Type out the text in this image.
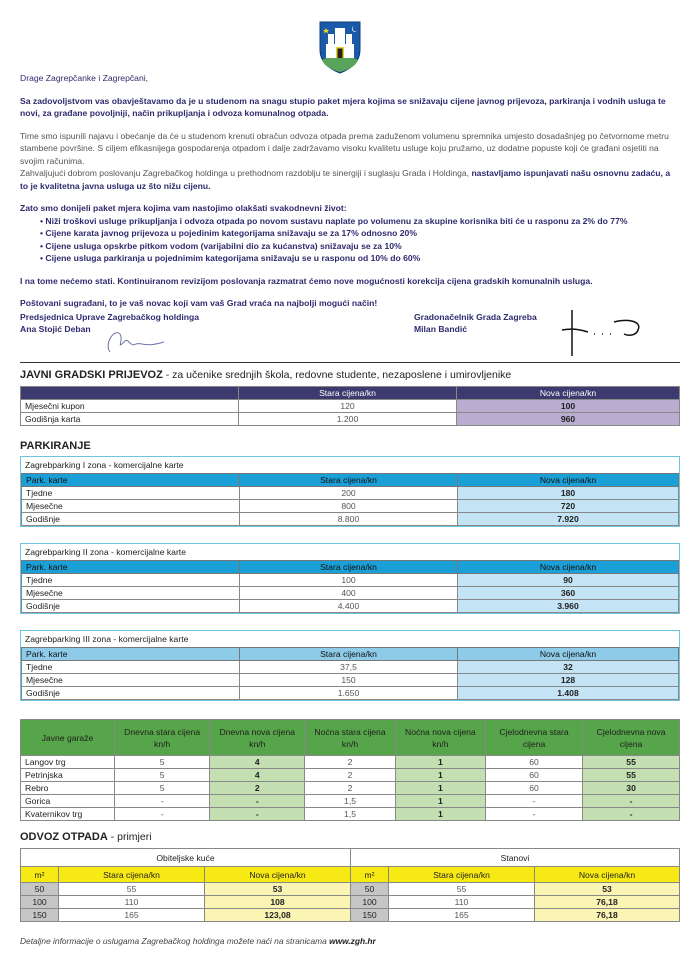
Drage Zagrepčanke i Zagrepčani,

Sa zadovoljstvom vas obavještavamo da je u studenom na snagu stupio paket mjera kojima se snižavaju cijene javnog prijevoza, parkiranja i vodnih usluga te novi, za građane povoljniji, način prikupljanja i odvoza komunalnog otpada.

Time smo ispunili najavu i obećanje da će u studenom krenuti obračun odvoza otpada prema zaduženom volumenu spremnika umjesto dosadašnjeg po četvornome metru stambene površine. S ciljem efikasnijega gospodarenja otpadom i dalje zadržavamo visoku kvalitetu usluge koju pružamo, uz dodatne popuste koji će građani osjetiti na svojim računima.

Zahvaljujući dobrom poslovanju Zagrebačkog holdinga u prethodnom razdoblju te sinergiji i suglasju Grada i Holdinga, nastavljamo ispunjavati našu osnovnu zadaću, a to je kvalitetna javna usluga uz što nižu cijenu.

Zato smo donijeli paket mjera kojima vam nastojimo olakšati svakodnevni život:

• Niži troškovi usluge prikupljanja i odvoza otpada po novom sustavu naplate po volumenu za skupine korisnika biti će u rasponu za 2% do 77%
• Cijene karata javnog prijevoza u pojedinim kategorijama snižavaju se za 17% odnosno 20%
• Cijene usluga opskrbe pitkom vodom (varijabilni dio za kućanstva) snižavaju se za 10%
• Cijene usluga parkiranja u pojednimim kategorijama snižavaju se u rasponu od 10% do 60%

I na tome nećemo stati. Kontinuiranom revizijom poslovanja razmatrat ćemo nove mogućnosti korekcija cijena gradskih komunalnih usluga.

Poštovani sugrađani, to je vaš novac koji vam vaš Grad vraća na najbolji mogući način!

Predsjednica Uprave Zagrebačkog holdinga
Ana Stojić Deban
Gradonačelnik Grada Zagreba
Milan Bandić
JAVNI GRADSKI PRIJEVOZ - za učenike srednjih škola, redovne studente, nezaposlene i umirovljenike
	Stara cijena/kn	Nova cijena/kn
Mjesečni kupon	120	100
Godišnja karta	1.200	960
PARKIRANJE
Zagrebparking I zona - komercijalne karte
Park. karte	Stara cijena/kn	Nova cijena/kn
Tjedne	200	180
Mjesečne	800	720
Godišnje	8.800	7.920
Zagrebparking II zona - komercijalne karte
Park. karte	Stara cijena/kn	Nova cijena/kn
Tjedne	100	90
Mjesečne	400	360
Godišnje	4.400	3.960
Zagrebparking III zona - komercijalne karte
Park. karte	Stara cijena/kn	Nova cijena/kn
Tjedne	37,5	32
Mjesečne	150	128
Godišnje	1.650	1.408
Javne garaže	Dnevna stara cijena kn/h	Dnevna nova cijena kn/h	Noćna stara cijena kn/h	Noćna nova cijena kn/h	Cjelodnevna stara cijena	Cjelodnevna nova cijena
Langov trg	5	4	2	1	60	55
Petrinjska	5	4	2	1	60	55
Rebro	5	2	2	1	60	30
Gorica	-	-	1,5	1	-	-
Kvaternikov trg	-	-	1,5	1	-	-
ODVOZ OTPADA - primjeri
Obiteljske kuće			Stanovi		
m²	Stara cijena/kn	Nova cijena/kn	m²	Stara cijena/kn	Nova cijena/kn
50	55	53	50	55	53
100	110	108	100	110	76,18
150	165	123,08	150	165	76,18
Detaljne informacije o uslugama Zagrebačkog holdinga možete naći na stranicama www.zgh.hr
